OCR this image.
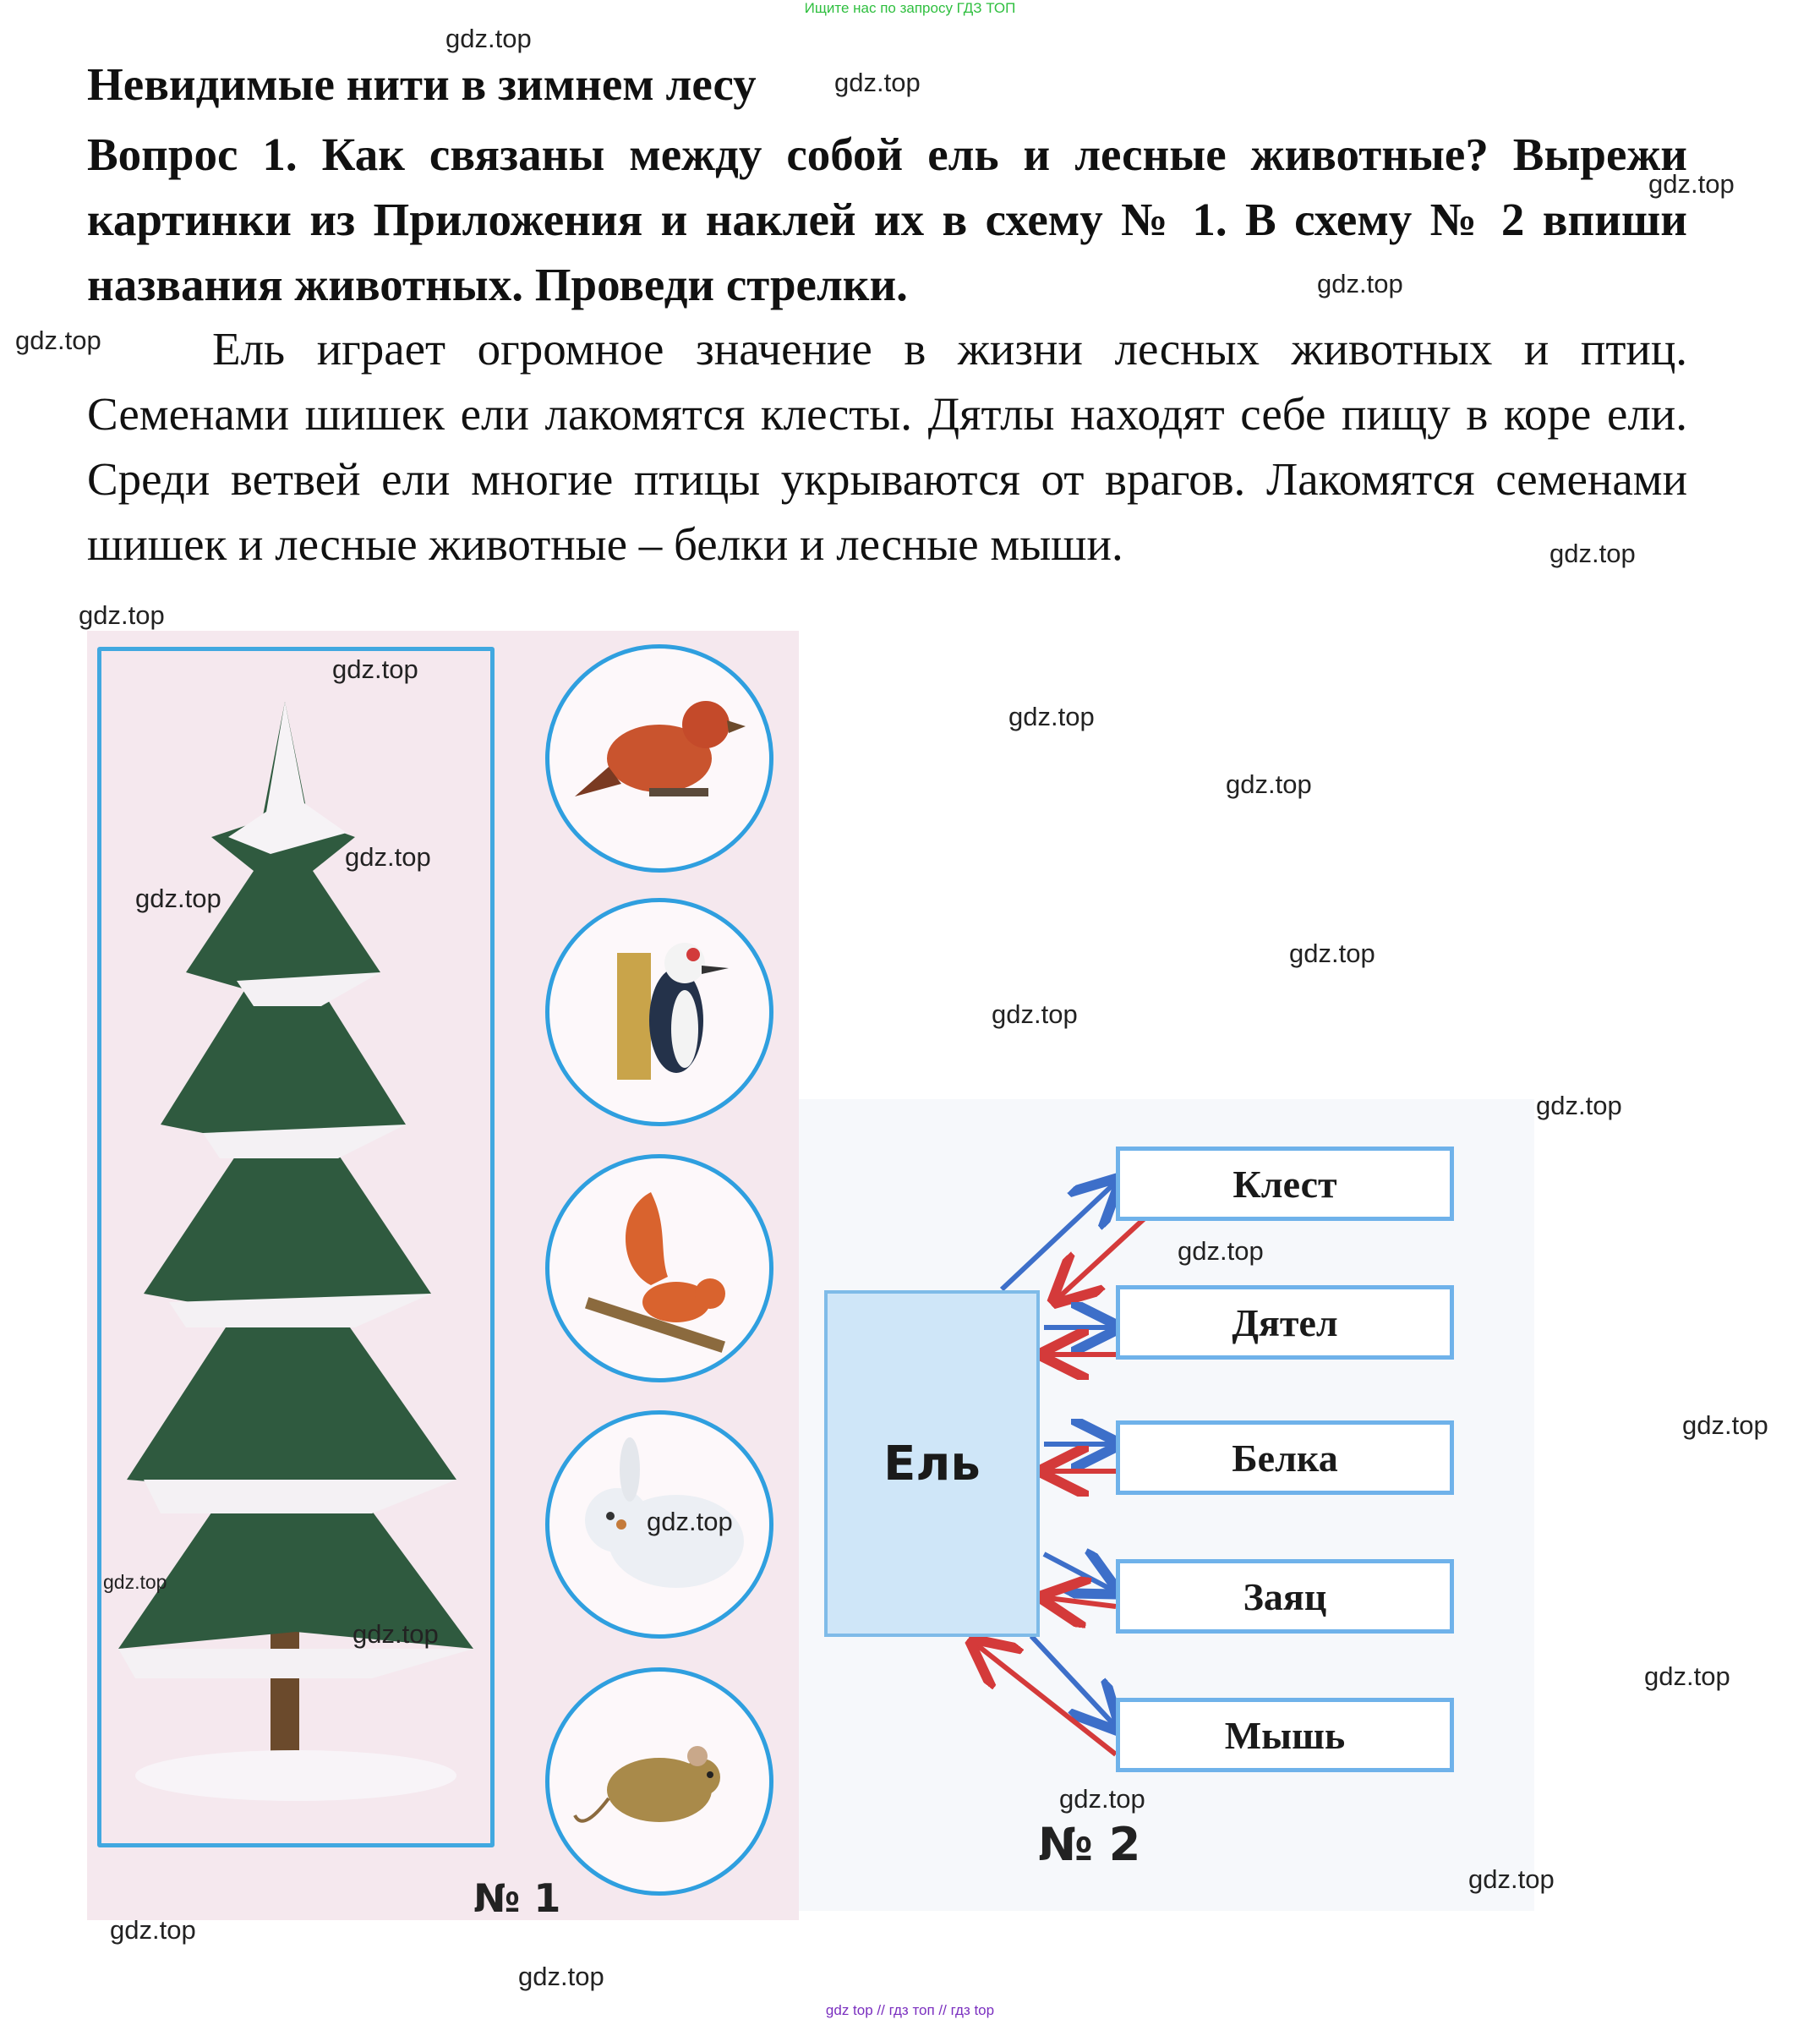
Ищите нас по запросу ГДЗ ТОП
Невидимые нити в зимнем лесу
Вопрос 1. Как связаны между собой ель и лесные животные? Вырежи картинки из Приложения и наклей их в схему № 1. В схему № 2 впиши названия животных. Проведи стрелки.
Ель играет огромное значение в жизни лесных животных и птиц. Семенами шишек ели лакомятся клесты. Дятлы находят себе пищу в коре ели. Среди ветвей ели многие птицы укрываются от врагов. Лакомятся семенами шишек и лесные животные – белки и лесные мыши.
№ 1
Ель
Клест
Дятел
Белка
Заяц
Мышь
№ 2
gdz.top
gdz.top
gdz.top
gdz.top
gdz.top
gdz.top
gdz.top
gdz.top
gdz.top
gdz.top
gdz.top
gdz.top
gdz.top
gdz.top
gdz.top
gdz.top
gdz.top
gdz.top
gdz.top
gdz.top
gdz.top
gdz.top
gdz.top
gdz.top
gdz.top
gdz top // гдз топ // гдз top
